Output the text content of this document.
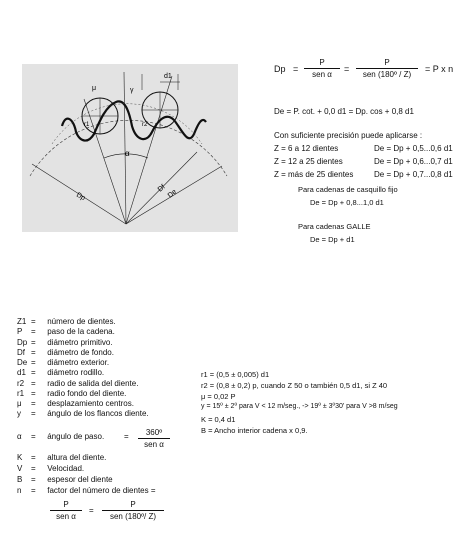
d1
μ	γ
r1	r2
α
Dp
Df De
Dp =
P
sen α
=
P
sen (180º / Z)
= P x n
De = P. cot. + 0,0 d1 = Dp. cos + 0,8 d1
Con suficiente precisión puede aplicarse :
Z = 6 a 12 dientes	De = Dp + 0,5...0,6 d1
Z = 12 a 25 dientes	De = Dp + 0,6...0,7 d1
Z = más de 25 dientes	De = Dp + 0,7...0,8 d1
Para cadenas de casquillo fijo
De = Dp + 0,8...1,0 d1
Para cadenas GALLE
De = Dp + d1
Z1 = número de dientes.
P = paso de la cadena.
Dp = diámetro primitivo.
Df = diámetro de fondo.
De = diámetro exterior.
d1 = diámetro rodillo.
r2 = radio de salida del diente.
r1 = radio fondo del diente.
μ = desplazamiento centros.
y = ángulo de los flancos diente.
α = ángulo de paso. =	360º
sen α
K = altura del diente.
V = Velocidad.
B = espesor del diente
n = factor del número de dientes =
P
sen α
=
P
sen (180º/ Z)
r1 = (0,5 ± 0,005) d1
r2 = (0,8 ± 0,2) p, cuando Z 50 o también 0,5 d1, si Z 40
μ = 0,02 P
y = 15º ± 2º para V < 12 m/seg., -> 19º ± 3º30' para V >8 m/seg
K = 0,4 d1
B = Ancho interior cadena x 0,9.
